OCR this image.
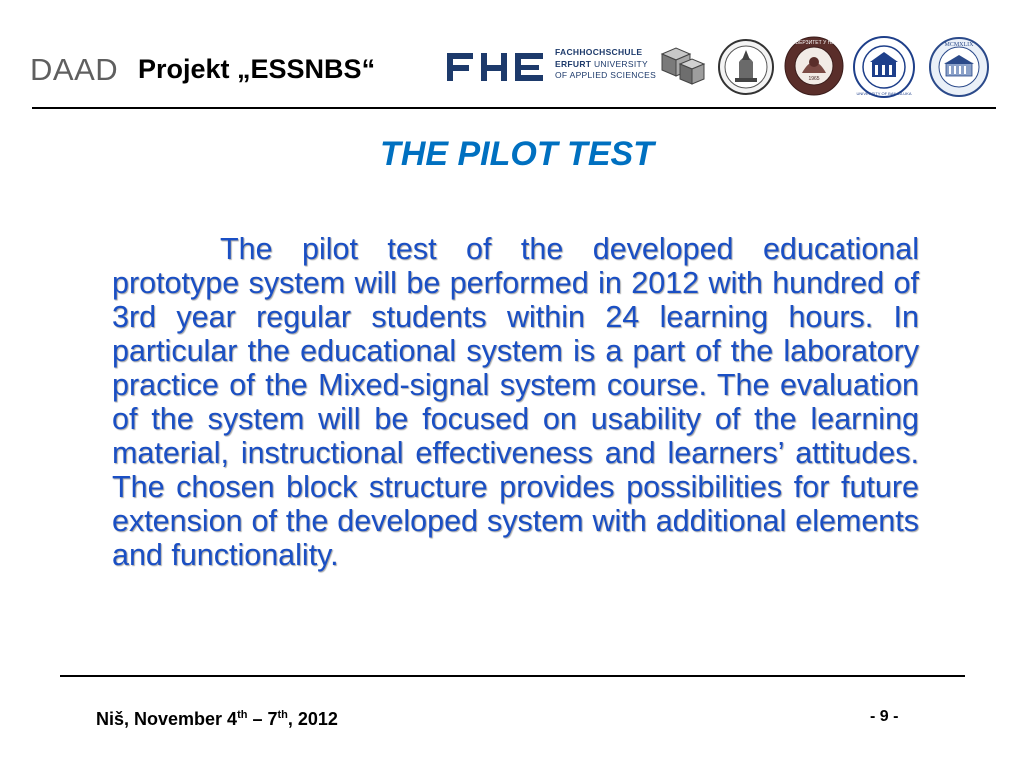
DAAD Projekt „ESSNBS“
FACHHOCHSCHULE
ERFURT UNIVERSITY
OF APPLIED SCIENCES	1965
УНИВЕРЗИТЕТ У НИШУ
UNIVERSITY OF BANJALUKA
MCMXLIX
THE PILOT TEST
The pilot test of the developed educational prototype system will be performed in 2012 with hundred of 3rd year regular students within 24 learning hours. In particular the educational system is a part of the laboratory practice of the Mixed-signal system course. The evaluation of the system will be focused on usability of the learning material, instructional effectiveness and learners’ attitudes. The chosen block structure provides possibilities for future extension of the developed system with additional elements and functionality.
Niš, November 4th – 7th, 2012	- 9 -
